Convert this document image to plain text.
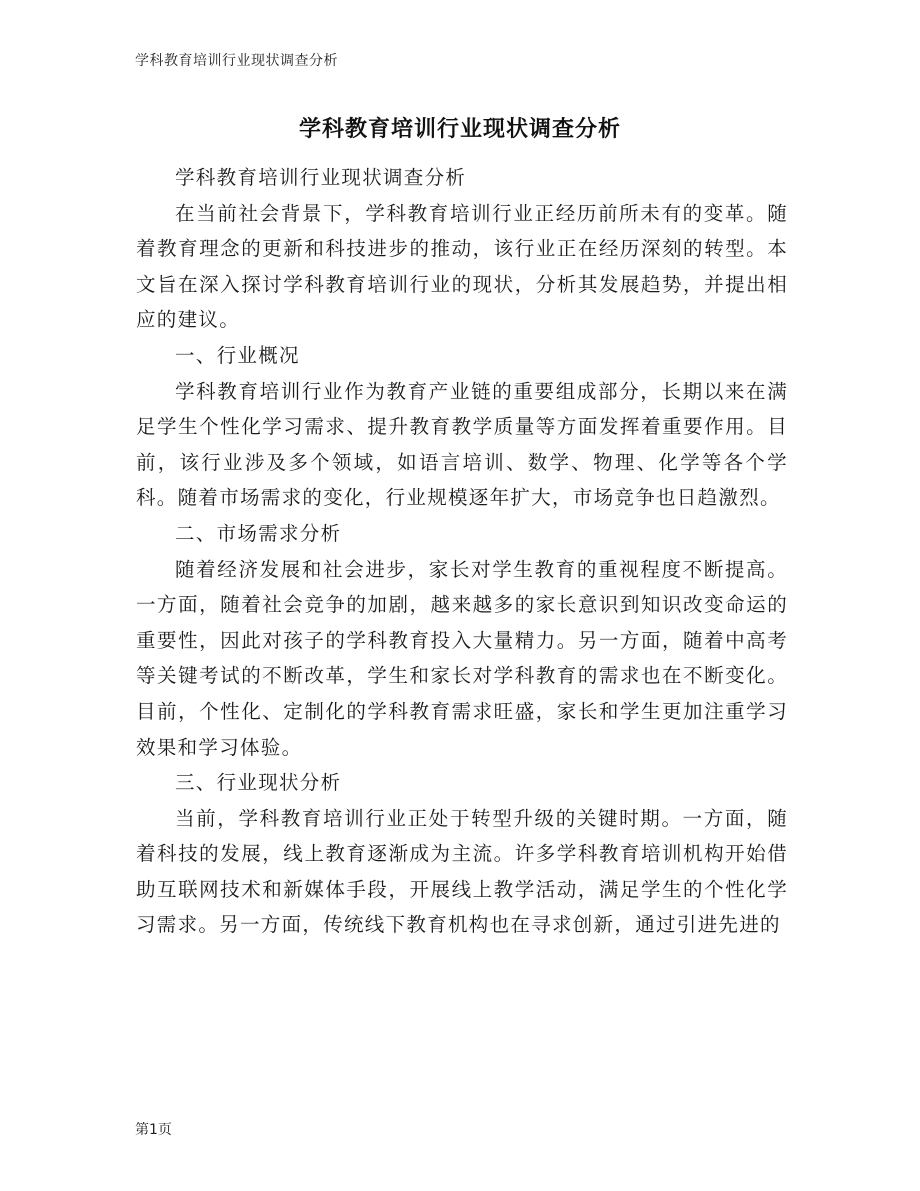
学科教育培训行业现状调查分析
学科教育培训行业现状调查分析

学科教育培训行业现状调查分析

在当前社会背景下，学科教育培训行业正经历前所未有的变革。随着教育理念的更新和科技进步的推动，该行业正在经历深刻的转型。本文旨在深入探讨学科教育培训行业的现状，分析其发展趋势，并提出相应的建议。

一、行业概况

学科教育培训行业作为教育产业链的重要组成部分，长期以来在满足学生个性化学习需求、提升教育教学质量等方面发挥着重要作用。目前，该行业涉及多个领域，如语言培训、数学、物理、化学等各个学科。随着市场需求的变化，行业规模逐年扩大，市场竞争也日趋激烈。

二、市场需求分析

随着经济发展和社会进步，家长对学生教育的重视程度不断提高。一方面，随着社会竞争的加剧，越来越多的家长意识到知识改变命运的重要性，因此对孩子的学科教育投入大量精力。另一方面，随着中高考等关键考试的不断改革，学生和家长对学科教育的需求也在不断变化。目前，个性化、定制化的学科教育需求旺盛，家长和学生更加注重学习效果和学习体验。

三、行业现状分析

当前，学科教育培训行业正处于转型升级的关键时期。一方面，随着科技的发展，线上教育逐渐成为主流。许多学科教育培训机构开始借助互联网技术和新媒体手段，开展线上教学活动，满足学生的个性化学习需求。另一方面，传统线下教育机构也在寻求创新，通过引进先进的

第1页
